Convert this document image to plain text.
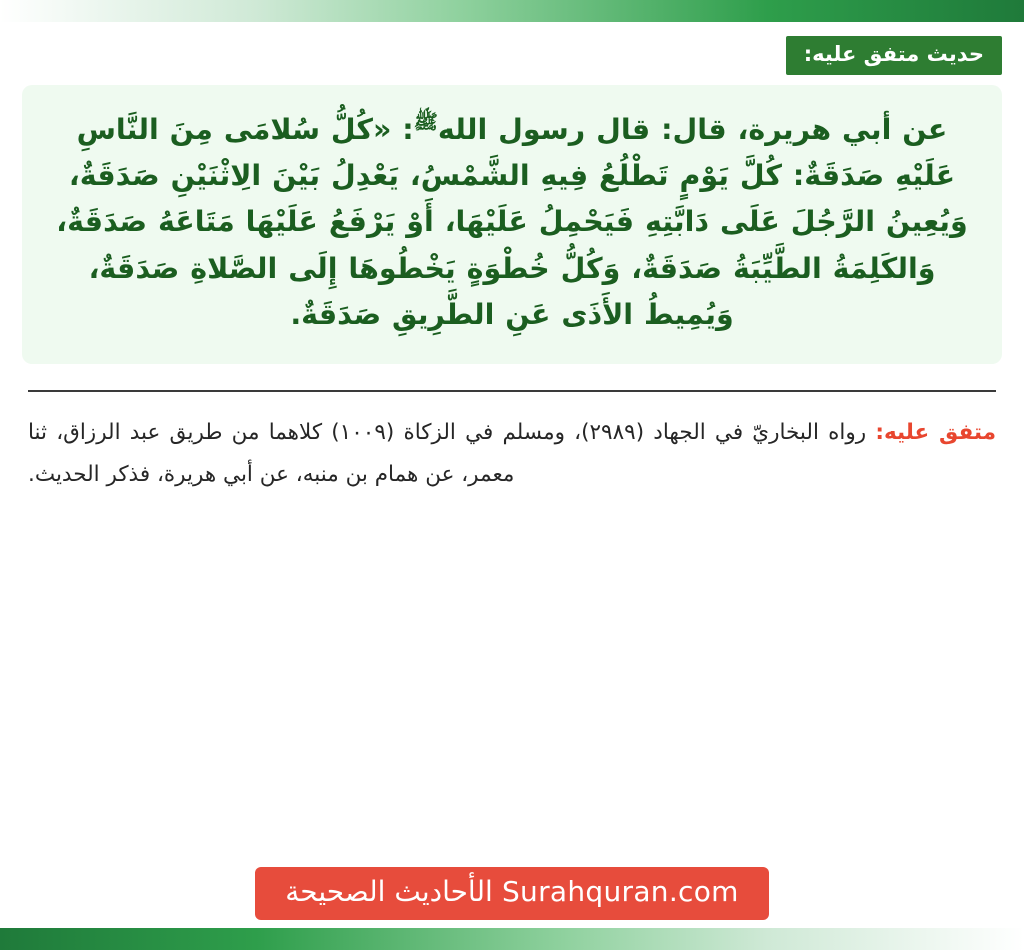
حديث متفق عليه:

عن أبي هريرة، قال: قال رسول الله$^ﷺ$: «كُلُّ سُلامَى مِنَ النَّاسِ عَلَيْهِ صَدَقَةٌ: كُلَّ يَوْمٍ تَطْلُعُ فِيهِ الشَّمْسُ، يَعْدِلُ بَيْنَ الِاثْنَيْنِ صَدَقَةٌ، وَيُعِينُ الرَّجُلَ عَلَى دَابَّتِهِ فَيَحْمِلُ عَلَيْهَا، أَوْ يَرْفَعُ عَلَيْهَا مَتَاعَهُ صَدَقَةٌ، وَالكَلِمَةُ الطَّيِّبَةُ صَدَقَةٌ، وَكُلُّ خُطْوَةٍ يَخْطُوهَا إِلَى الصَّلاةِ صَدَقَةٌ، وَيُمِيطُ الأَذَى عَنِ الطَّرِيقِ صَدَقَةٌ.

متفق عليه: رواه البخاريّ في الجهاد (٢٩٨٩)، ومسلم في الزكاة (١٠٠٩) كلاهما من طريق عبد الرزاق، ثنا معمر، عن همام بن منبه، عن أبي هريرة، فذكر الحديث.

Surahquran.com الأحاديث الصحيحة
